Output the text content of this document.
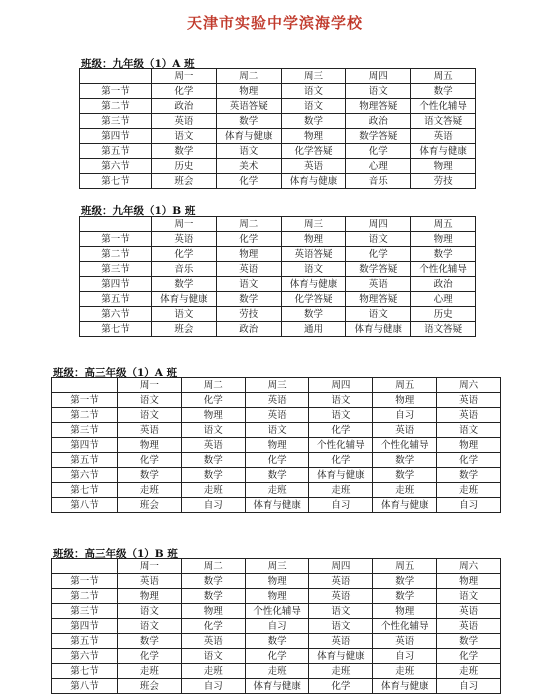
天津市实验中学滨海学校
班级：九年级（1）A 班
	周一	周二	周三	周四	周五
第一节	化学	物理	语文	语文	数学
第二节	政治	英语答疑	语文	物理答疑	个性化辅导
第三节	英语	数学	数学	政治	语文答疑
第四节	语文	体育与健康	物理	数学答疑	英语
第五节	数学	语文	化学答疑	化学	体育与健康
第六节	历史	美术	英语	心理	物理
第七节	班会	化学	体育与健康	音乐	劳技
班级：九年级（1）B 班
	周一	周二	周三	周四	周五
第一节	英语	化学	物理	语文	物理
第二节	化学	物理	英语答疑	化学	数学
第三节	音乐	英语	语文	数学答疑	个性化辅导
第四节	数学	语文	体育与健康	英语	政治
第五节	体育与健康	数学	化学答疑	物理答疑	心理
第六节	语文	劳技	数学	语文	历史
第七节	班会	政治	通用	体育与健康	语文答疑
班级：高三年级（1）A 班
	周一	周二	周三	周四	周五	周六
第一节	语文	化学	英语	语文	物理	英语
第二节	语文	物理	英语	语文	自习	英语
第三节	英语	语文	语文	化学	英语	语文
第四节	物理	英语	物理	个性化辅导	个性化辅导	物理
第五节	化学	数学	化学	化学	数学	化学
第六节	数学	数学	数学	体育与健康	数学	数学
第七节	走班	走班	走班	走班	走班	走班
第八节	班会	自习	体育与健康	自习	体育与健康	自习
班级：高三年级（1）B 班
	周一	周二	周三	周四	周五	周六
第一节	英语	数学	物理	英语	数学	物理
第二节	物理	数学	物理	英语	数学	语文
第三节	语文	物理	个性化辅导	语文	物理	英语
第四节	语文	化学	自习	语文	个性化辅导	英语
第五节	数学	英语	数学	英语	英语	数学
第六节	化学	语文	化学	体育与健康	自习	化学
第七节	走班	走班	走班	走班	走班	走班
第八节	班会	自习	体育与健康	化学	体育与健康	自习
